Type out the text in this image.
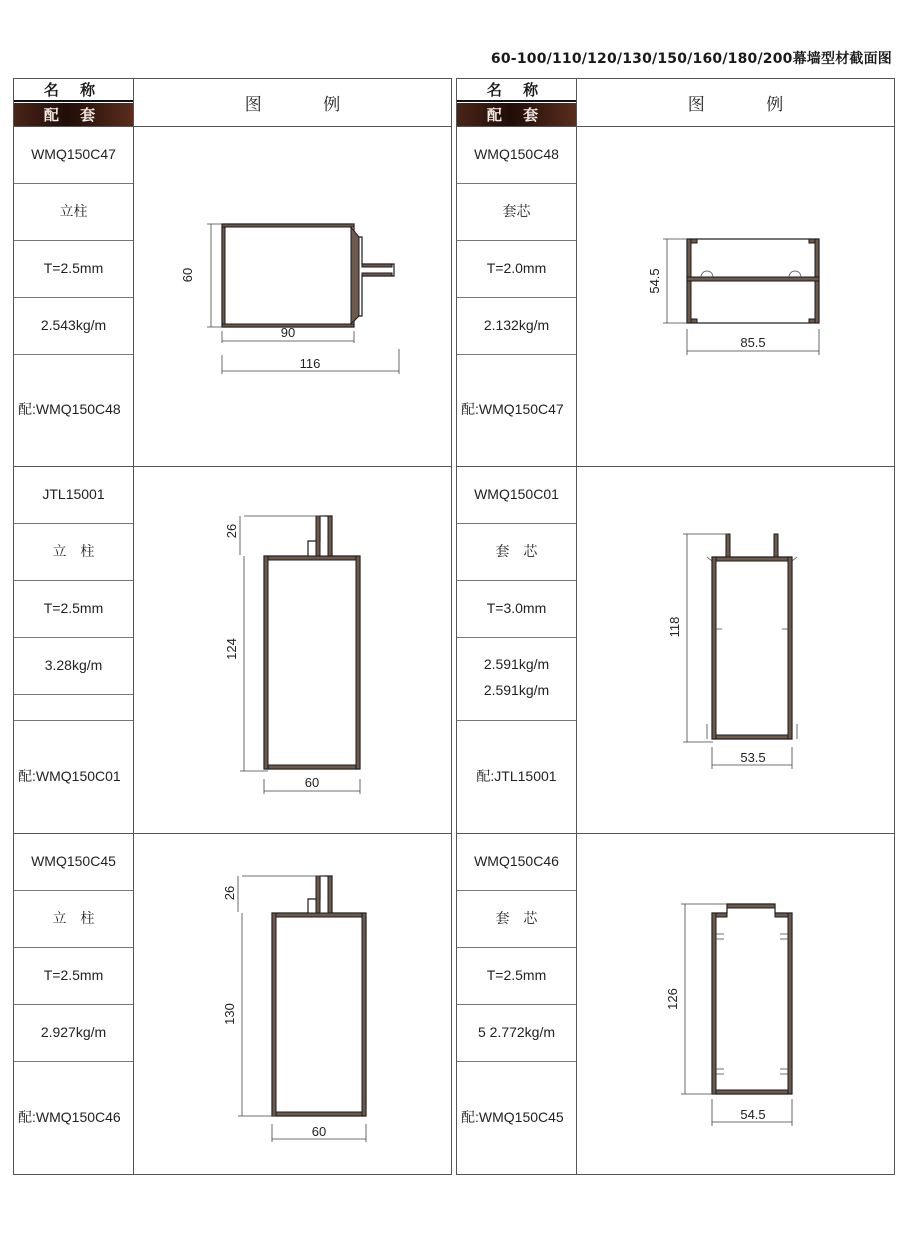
60-100/110/120/130/150/160/180/200幕墙型材截面图
名 称
配 套	图 例
WMQ150C47
立柱
T=2.5mm
2.543kg/m
配:WMQ150C48
JTL15001
立 柱
T=2.5mm
3.28kg/m
配:WMQ150C01
WMQ150C45
立 柱
T=2.5mm
2.927kg/m
配:WMQ150C46
60
90
116
26
124
60
26
130
60
名 称
配 套	图 例
WMQ150C48
套芯
T=2.0mm
2.132kg/m
配:WMQ150C47
WMQ150C01
套 芯
T=3.0mm
2.591kg/m
2.591kg/m
配:JTL15001
WMQ150C46
套 芯
T=2.5mm
5 2.772kg/m
配:WMQ150C45
54.5
85.5
118
53.5
126
54.5
